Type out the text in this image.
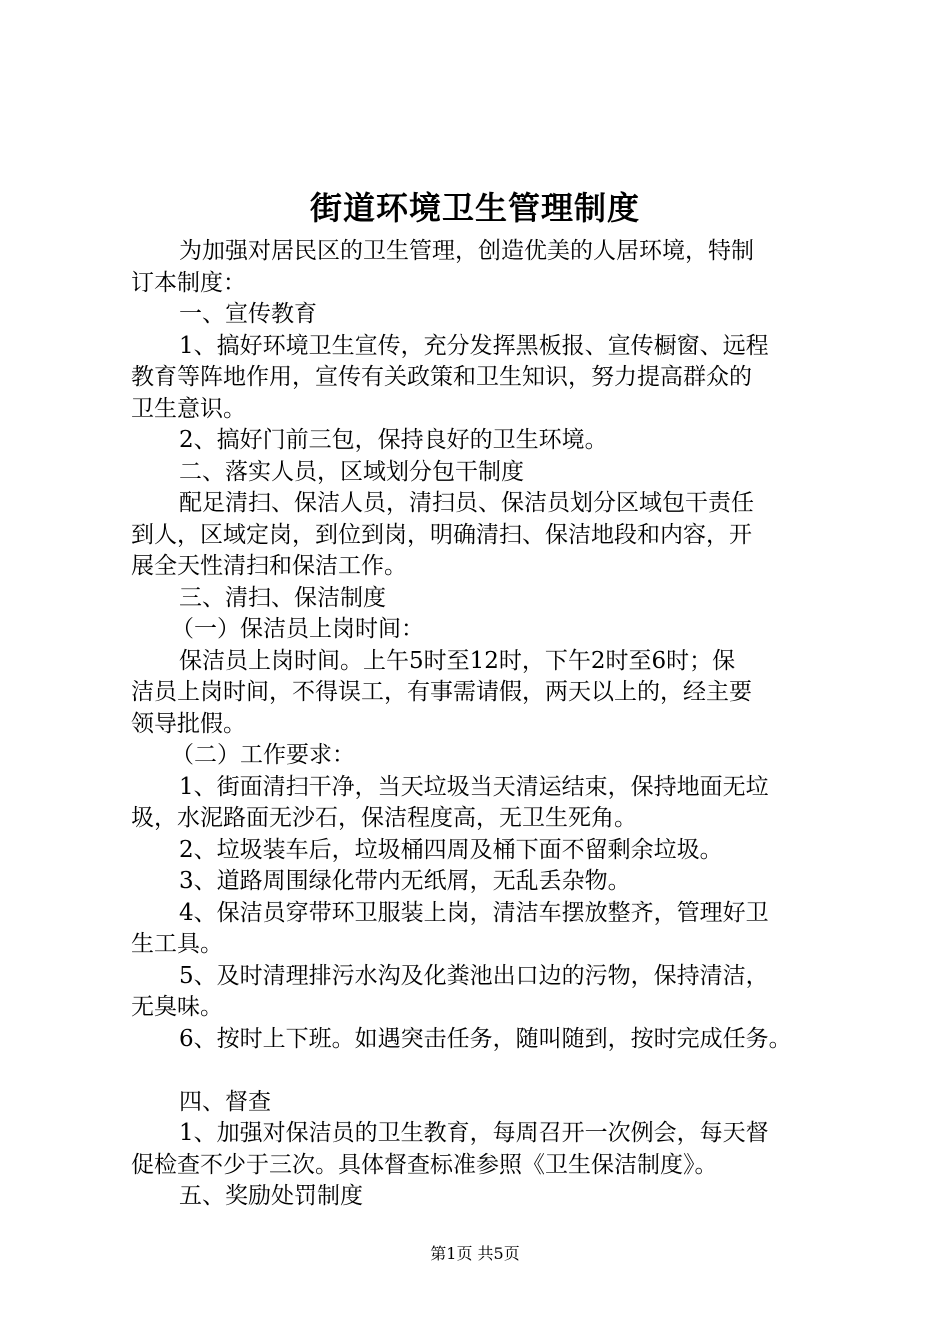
街道环境卫生管理制度
为加强对居民区的卫生管理，创造优美的人居环境，特制
订本制度：
一、宣传教育
1、搞好环境卫生宣传，充分发挥黑板报、宣传橱窗、远程
教育等阵地作用，宣传有关政策和卫生知识，努力提高群众的
卫生意识。
2、搞好门前三包，保持良好的卫生环境。
二、落实人员，区域划分包干制度
配足清扫、保洁人员，清扫员、保洁员划分区域包干责任
到人，区域定岗，到位到岗，明确清扫、保洁地段和内容，开
展全天性清扫和保洁工作。
三、清扫、保洁制度
（一）保洁员上岗时间：
保洁员上岗时间。上午5时至12时，下午2时至6时；保
洁员上岗时间，不得误工，有事需请假，两天以上的，经主要
领导批假。
（二）工作要求：
1、街面清扫干净，当天垃圾当天清运结束，保持地面无垃
圾，水泥路面无沙石，保洁程度高，无卫生死角。
2、垃圾装车后，垃圾桶四周及桶下面不留剩余垃圾。
3、道路周围绿化带内无纸屑，无乱丢杂物。
4、保洁员穿带环卫服装上岗，清洁车摆放整齐，管理好卫
生工具。
5、及时清理排污水沟及化粪池出口边的污物，保持清洁，
无臭味。
6、按时上下班。如遇突击任务，随叫随到，按时完成任务。
四、督查
1、加强对保洁员的卫生教育，每周召开一次例会，每天督
促检查不少于三次。具体督查标准参照《卫生保洁制度》。
五、奖励处罚制度
第1页 共5页
